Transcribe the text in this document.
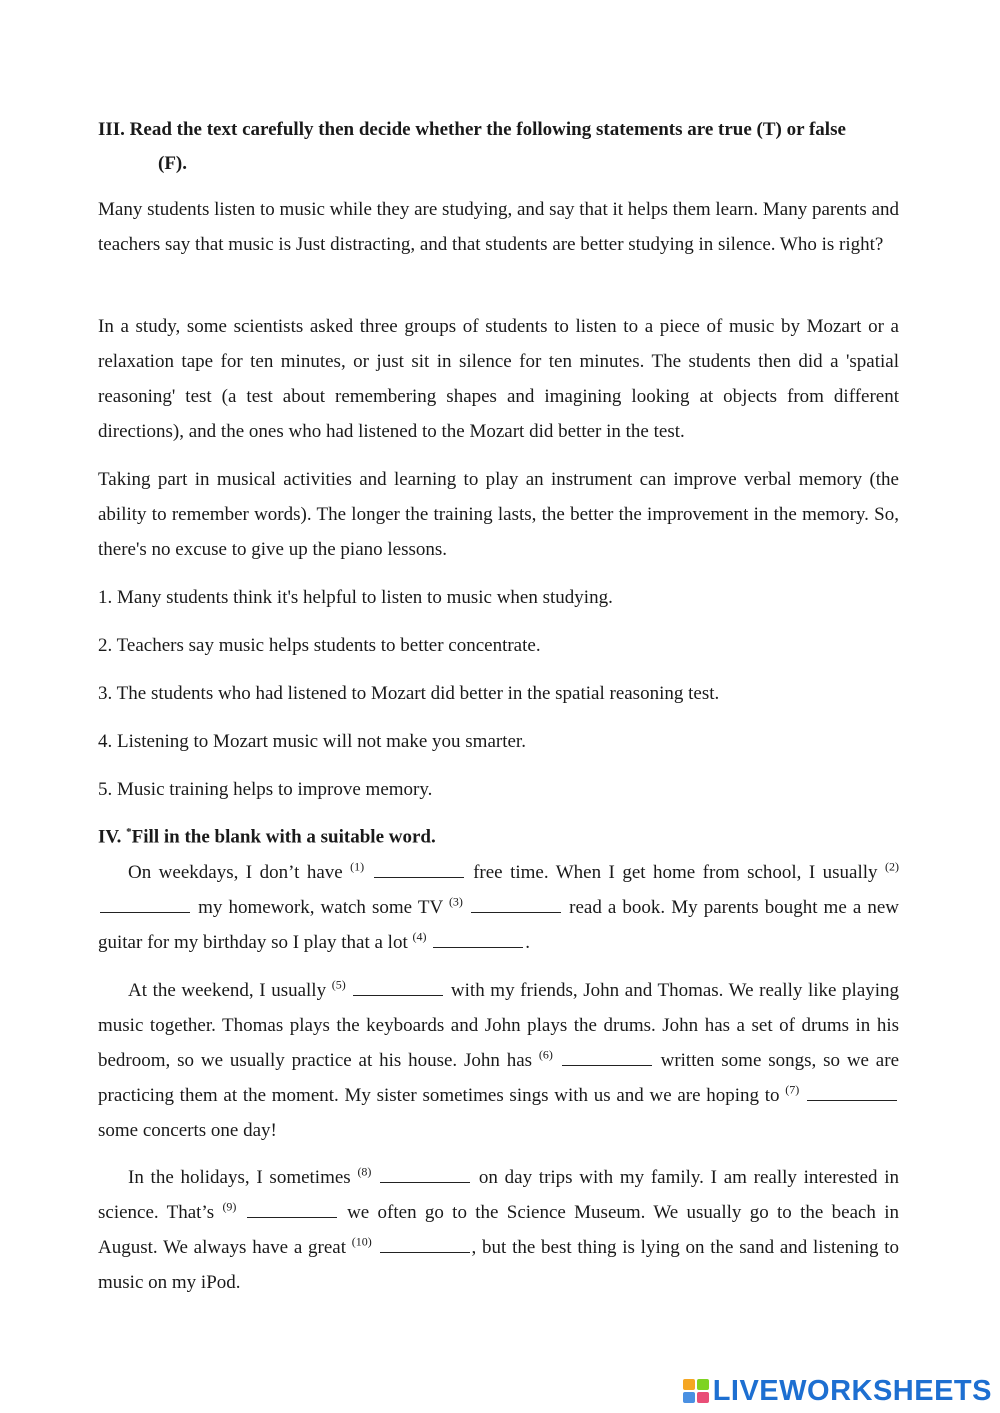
III. Read the text carefully then decide whether the following statements are true (T) or false
(F).

Many students listen to music while they are studying, and say that it helps them learn. Many parents and teachers say that music is Just distracting, and that students are better studying in silence. Who is right?

In a study, some scientists asked three groups of students to listen to a piece of music by Mozart or a relaxation tape for ten minutes, or just sit in silence for ten minutes. The students then did a 'spatial reasoning' test (a test about remembering shapes and imagining looking at objects from different directions), and the ones who had listened to the Mozart did better in the test.

Taking part in musical activities and learning to play an instrument can improve verbal memory (the ability to remember words). The longer the training lasts, the better the improvement in the memory. So, there's no excuse to give up the piano lessons.

1. Many students think it's helpful to listen to music when studying.

2. Teachers say music helps students to better concentrate.

3. The students who had listened to Mozart did better in the spatial reasoning test.

4. Listening to Mozart music will not make you smarter.

5. Music training helps to improve memory.

IV. *Fill in the blank with a suitable word.

On weekdays, I don’t have $^{(1)}$	free time. When I get home from school, I usually $^{(2)}$  my homework, watch some TV $^{(3)}$	read a book. My parents bought me a new guitar for my birthday so I play that a lot $^{(4)}$	.

At the weekend, I usually $^{(5)}$	with my friends, John and Thomas. We really like playing music together. Thomas plays the keyboards and John plays the drums. John has a set of drums in his bedroom, so we usually practice at his house. John has $^{(6)}$	written some songs, so we are practicing them at the moment. My sister sometimes sings with us and we are hoping to $^{(7)}$  some concerts one day!

In the holidays, I sometimes $^{(8)}$	on day trips with my family. I am really interested in science. That’s $^{(9)}$	we often go to the Science Museum. We usually go to the beach in August. We always have a great $^{(10)}$	, but the best thing is lying on the sand and listening to music on my iPod.

LIVEWORKSHEETS
